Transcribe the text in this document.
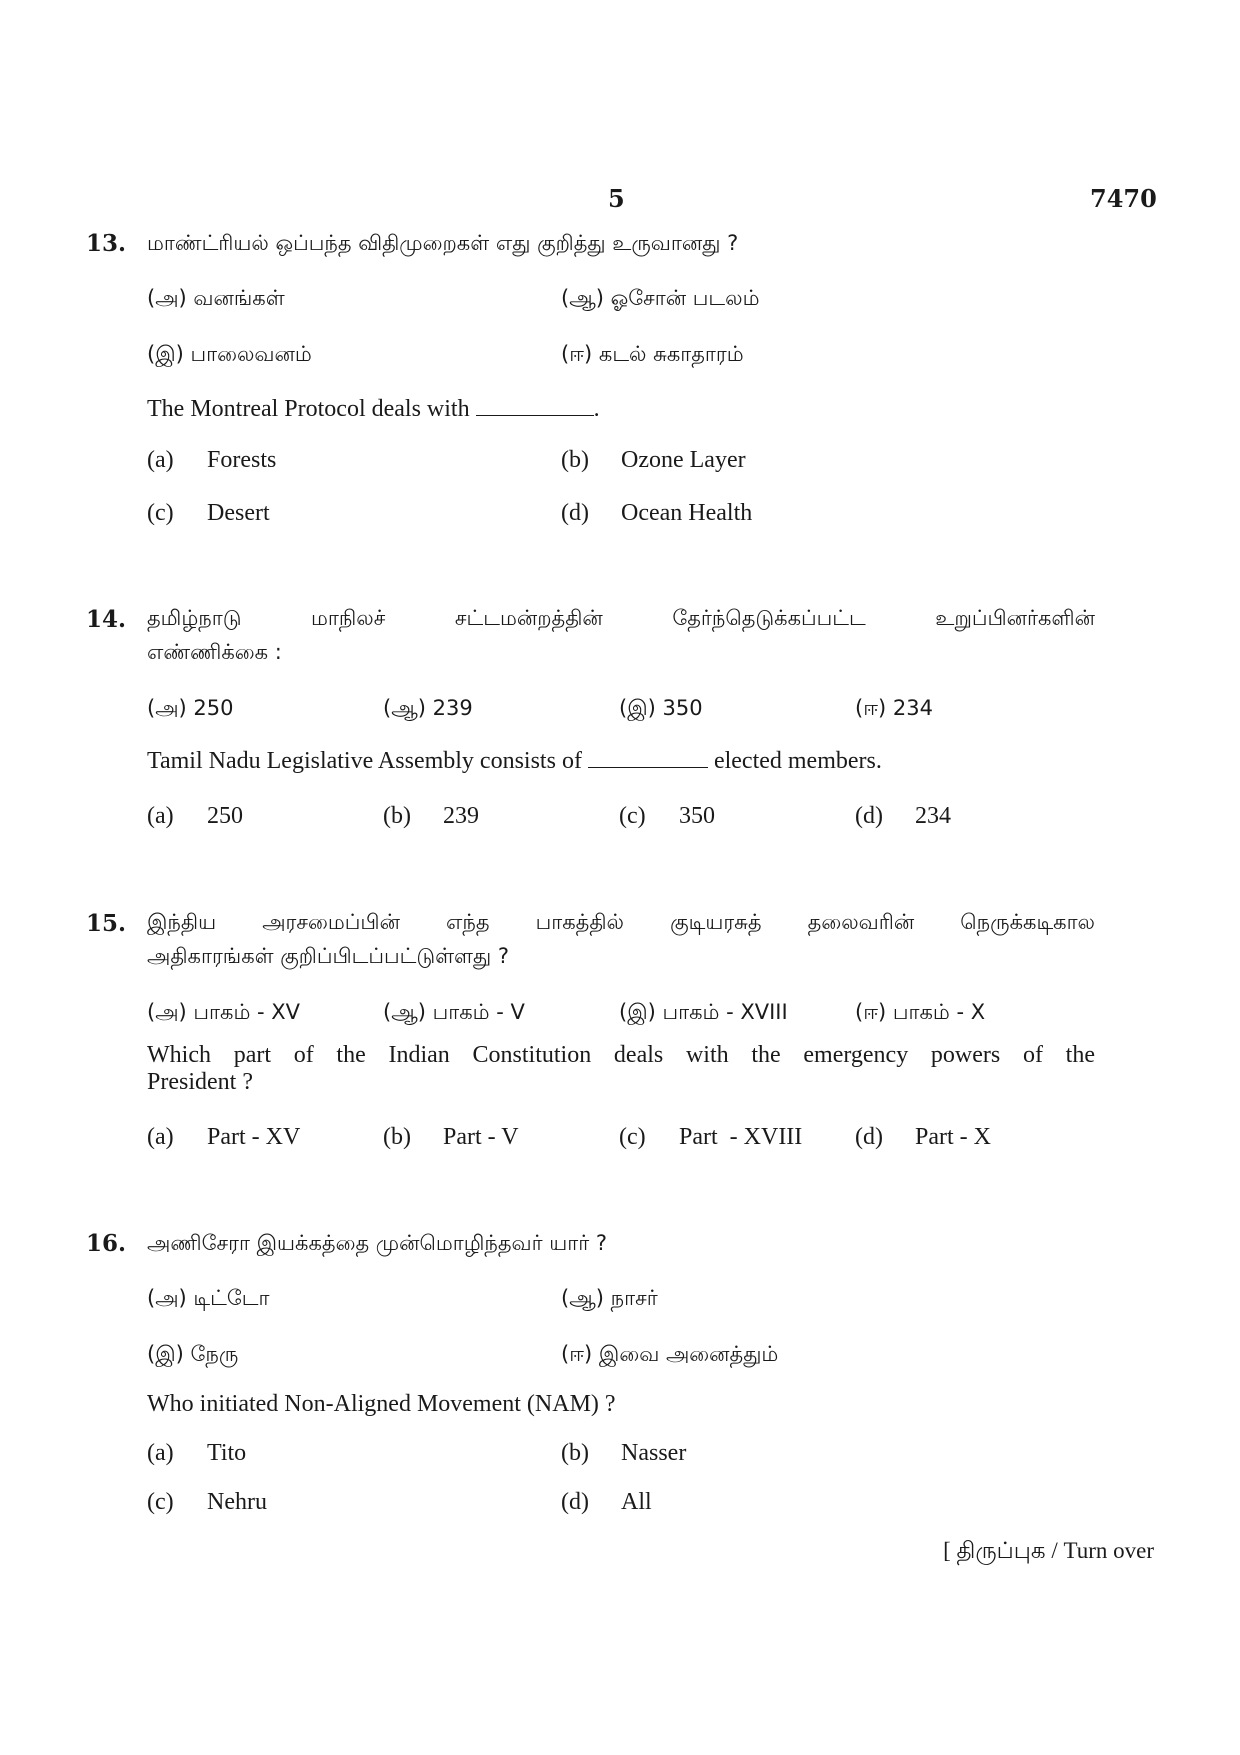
5	7470
13. மாண்ட்ரியல் ஒப்பந்த விதிமுறைகள் எது குறித்து உருவானது ?
(அ) வனங்கள்	(ஆ) ஓசோன் படலம்
(இ) பாலைவனம்	(ஈ) கடல் சுகாதாரம்
The Montreal Protocol deals with	.
(a) Forests	(b) Ozone Layer
(c) Desert	(d) Ocean Health
14. தமிழ்நாடு மாநிலச் சட்டமன்றத்தின் தேர்ந்தெடுக்கப்பட்ட உறுப்பினர்களின்
எண்ணிக்கை :
(அ) 250	(ஆ) 239	(இ) 350	(ஈ) 234
Tamil Nadu Legislative Assembly consists of	elected members.
(a) 250	(b) 239	(c) 350	(d) 234
15. இந்திய அரசமைப்பின் எந்த பாகத்தில் குடியரசுத் தலைவரின் நெருக்கடிகால
அதிகாரங்கள் குறிப்பிடப்பட்டுள்ளது ?
(அ) பாகம் - XV	(ஆ) பாகம் - V	(இ) பாகம் - XVIII	(ஈ) பாகம் - X
Which part of the Indian Constitution deals with the emergency powers of the
President ?
(a) Part - XV	(b) Part - V	(c) Part  - XVIII (d) Part - X
16. அணிசேரா இயக்கத்தை முன்மொழிந்தவர் யார் ?
(அ) டிட்டோ	(ஆ) நாசர்
(இ) நேரு	(ஈ) இவை அனைத்தும்
Who initiated Non-Aligned Movement (NAM) ?
(a) Tito	(b) Nasser
(c) Nehru	(d) All
[ திருப்புக / Turn over
